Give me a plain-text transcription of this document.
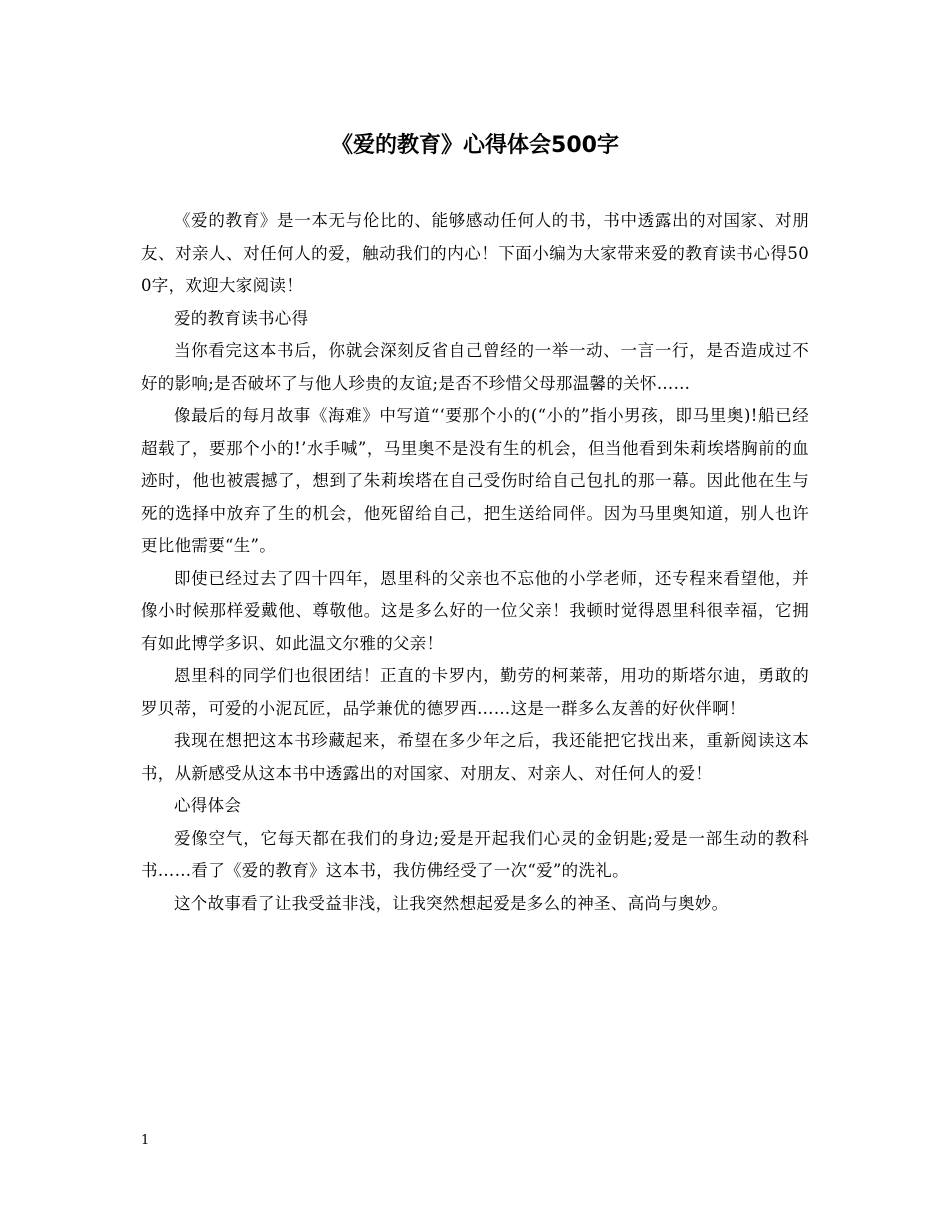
《爱的教育》心得体会500字

《爱的教育》是一本无与伦比的、能够感动任何人的书，书中透露出的对国家、对朋友、对亲人、对任何人的爱，触动我们的内心！下面小编为大家带来爱的教育读书心得500字，欢迎大家阅读！

爱的教育读书心得

当你看完这本书后，你就会深刻反省自己曾经的一举一动、一言一行，是否造成过不好的影响;是否破坏了与他人珍贵的友谊;是否不珍惜父母那温馨的关怀……

像最后的每月故事《海难》中写道“‘要那个小的(“小的”指小男孩，即马里奥)!船已经超载了，要那个小的!’水手喊”，马里奥不是没有生的机会，但当他看到朱莉埃塔胸前的血迹时，他也被震撼了，想到了朱莉埃塔在自己受伤时给自己包扎的那一幕。因此他在生与死的选择中放弃了生的机会，他死留给自己，把生送给同伴。因为马里奥知道，别人也许更比他需要“生”。

即使已经过去了四十四年，恩里科的父亲也不忘他的小学老师，还专程来看望他，并像小时候那样爱戴他、尊敬他。这是多么好的一位父亲！我顿时觉得恩里科很幸福，它拥有如此博学多识、如此温文尔雅的父亲！

恩里科的同学们也很团结！正直的卡罗内，勤劳的柯莱蒂，用功的斯塔尔迪，勇敢的罗贝蒂，可爱的小泥瓦匠，品学兼优的德罗西……这是一群多么友善的好伙伴啊！

我现在想把这本书珍藏起来，希望在多少年之后，我还能把它找出来，重新阅读这本书，从新感受从这本书中透露出的对国家、对朋友、对亲人、对任何人的爱！

心得体会

爱像空气，它每天都在我们的身边;爱是开起我们心灵的金钥匙;爱是一部生动的教科书……看了《爱的教育》这本书，我仿佛经受了一次“爱”的洗礼。

这个故事看了让我受益非浅，让我突然想起爱是多么的神圣、高尚与奥妙。

1
